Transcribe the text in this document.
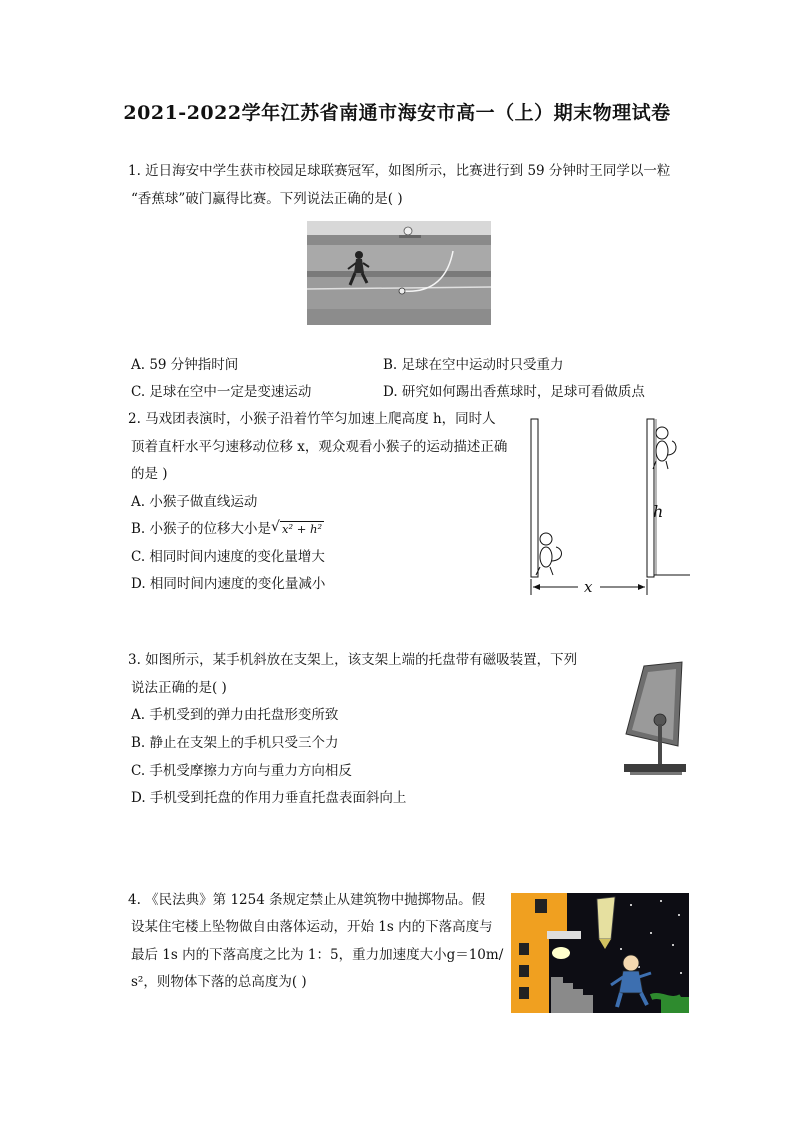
2021-2022学年江苏省南通市海安市高一（上）期末物理试卷
1. 近日海安中学生获市校园足球联赛冠军，如图所示，比赛进行到 59 分钟时王同学以一粒
“香蕉球”破门赢得比赛。下列说法正确的是( )
A. 59 分钟指时间	B. 足球在空中运动时只受重力
C. 足球在空中一定是变速运动	D. 研究如何踢出香蕉球时，足球可看做质点
2. 马戏团表演时，小猴子沿着竹竿匀加速上爬高度 h，同时人
顶着直杆水平匀速移动位移 x，观众观看小猴子的运动描述正确
的是 )
A. 小猴子做直线运动
B. 小猴子的位移大小是 √ x² + h²
C. 相同时间内速度的变化量增大
D. 相同时间内速度的变化量减小
h
x
3. 如图所示，某手机斜放在支架上，该支架上端的托盘带有磁吸装置，下列
说法正确的是( )
A. 手机受到的弹力由托盘形变所致
B. 静止在支架上的手机只受三个力
C. 手机受摩擦力方向与重力方向相反
D. 手机受到托盘的作用力垂直托盘表面斜向上
4. 《民法典》第 1254 条规定禁止从建筑物中抛掷物品。假
设某住宅楼上坠物做自由落体运动，开始 1s 内的下落高度与
最后 1s 内的下落高度之比为 1：5，重力加速度大小g＝10m/
s²，则物体下落的总高度为( )
